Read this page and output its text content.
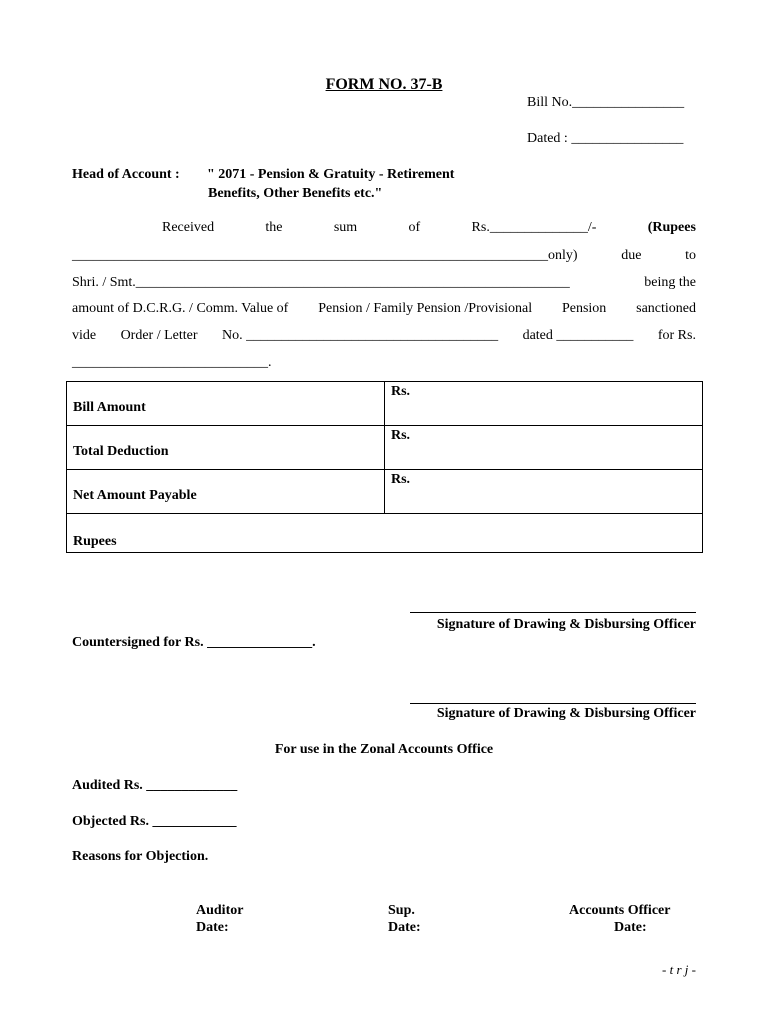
FORM NO. 37-B
Bill No.________________
Dated : ________________
Head of Account : " 2071 - Pension & Gratuity - Retirement
Benefits, Other Benefits etc."
Received	the	sum	of	Rs.______________/-	(Rupees
____________________________________________________________________only)	due	to
Shri. / Smt.______________________________________________________________	being the
amount of D.C.R.G. / Comm. Value of Pension / Family Pension /Provisional Pension sanctioned
vide Order / Letter No. ____________________________________ dated ___________ for Rs.
____________________________.
Bill Amount	Rs.
Total Deduction	Rs.
Net Amount Payable	Rs.
Rupees	
Signature of Drawing & Disbursing Officer
Countersigned for Rs. _______________.
Signature of Drawing & Disbursing Officer
For use in the Zonal Accounts Office
Audited Rs. _____________
Objected Rs. ____________
Reasons for Objection.
Auditor
Date:
Sup.
Date:
Accounts Officer
Date:
- t r j -
